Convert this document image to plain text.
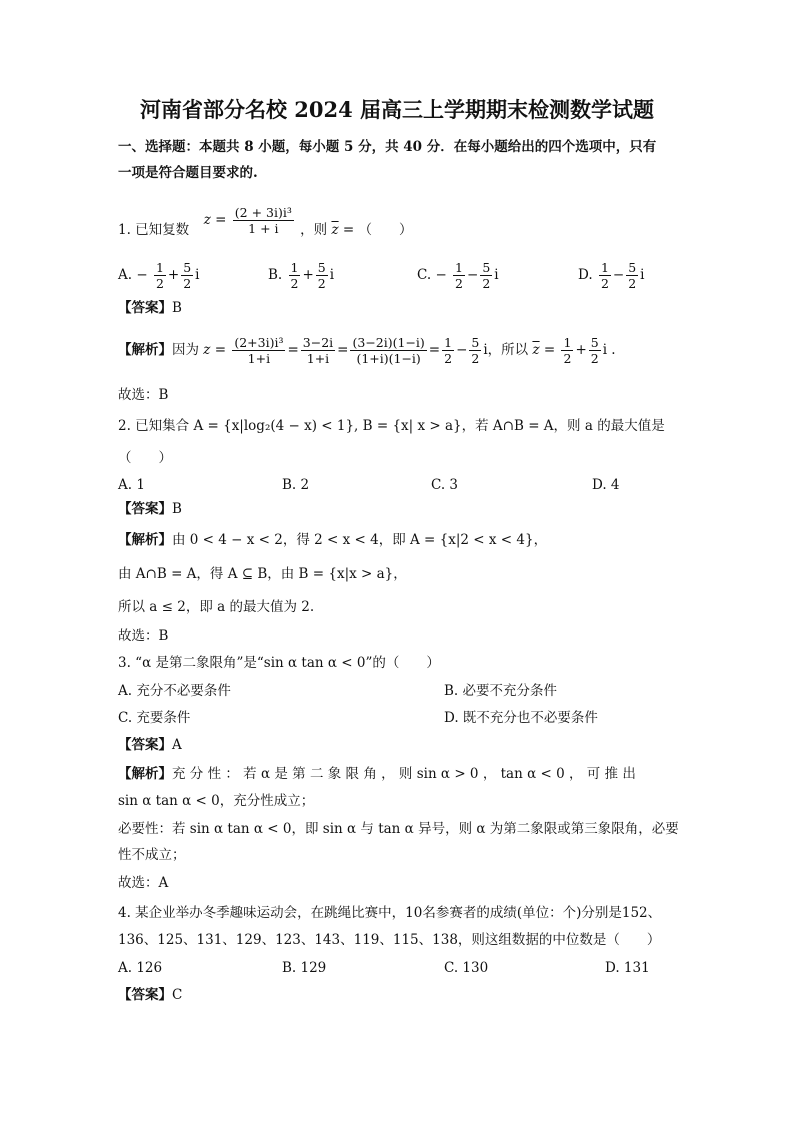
河南省部分名校 2024 届高三上学期期末检测数学试题
一、选择题：本题共 8 小题，每小题 5 分，共 40 分．在每小题给出的四个选项中，只有
一项是符合题目要求的.
1. 已知复数  $z = \frac{\text{(2 + 3i)i³}}{1 + i}$ ，则 $\overline{z}$ = （　　）
A. − $\frac{1}{2} + \frac{5}{2}$ i	B. $\frac{1}{2} + \frac{5}{2}$ i	C. − $\frac{1}{2} - \frac{5}{2}$ i	D. $\frac{1}{2} - \frac{5}{2}$ i
【答案】B
【解析】因为 $z = \frac{\text{(2+3i)i³}}{1+i} = \frac{3-2i}{1+i} = \frac{(3-2i)(1-i)}{(1+i)(1-i)} = \frac{1}{2} - \frac{5}{2}$ i，所以 $\overline{z} = \frac{1}{2} + \frac{5}{2}$ i .
故选：B
2. 已知集合 A = {x|log₂(4 − x) < 1}, B = {x| x > a}，若 A∩B = A，则 a 的最大值是
（　　）
A. 1	B. 2	C. 3	D. 4
【答案】B
【解析】由 0 < 4 − x < 2，得 2 < x < 4，即 A = {x|2 < x < 4}，
由 A∩B = A，得 A ⊆ B，由 B = {x|x > a}，
所以 a ≤ 2，即 a 的最大值为 2.
故选：B
3. “α 是第二象限角”是“sin α tan α < 0”的（　　）
A. 充分不必要条件	B. 必要不充分条件
C. 充要条件	D. 既不充分也不必要条件
【答案】A
【解析】充 分 性 ： 若 α 是 第 二 象 限 角 ， 则 sin α > 0 ， tan α < 0 ， 可 推 出
sin α tan α < 0，充分性成立；
必要性：若 sin α tan α < 0，即 sin α 与 tan α 异号，则 α 为第二象限或第三象限角，必要
性不成立；
故选：A
4. 某企业举办冬季趣味运动会，在跳绳比赛中，10名参赛者的成绩(单位：个)分别是152、
136、125、131、129、123、143、119、115、138，则这组数据的中位数是（　　）
A. 126	B. 129	C. 130	D. 131
【答案】C
